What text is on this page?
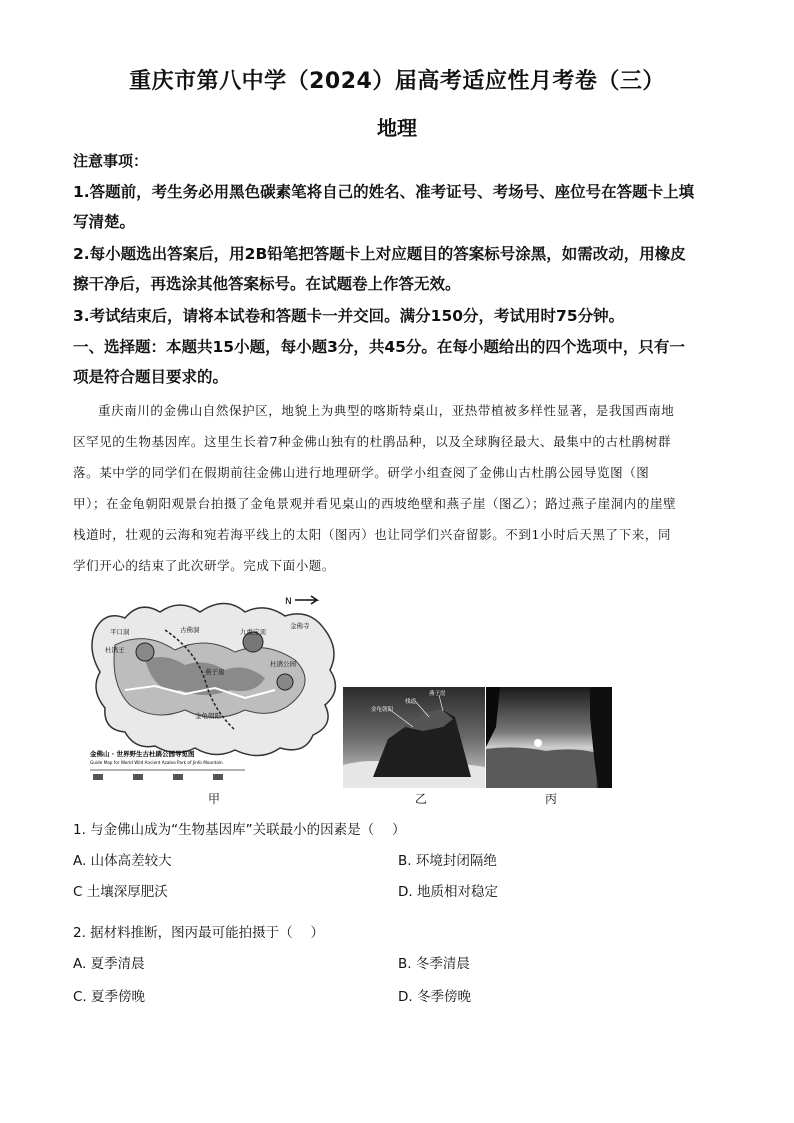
重庆市第八中学（2024）届高考适应性月考卷（三）
地理
注意事项：
1.答题前，考生务必用黑色碳素笔将自己的姓名、准考证号、考场号、座位号在答题卡上填
写清楚。
2.每小题选出答案后，用2B铅笔把答题卡上对应题目的答案标号涂黑，如需改动，用橡皮
擦干净后，再选涂其他答案标号。在试题卷上作答无效。
3.考试结束后，请将本试卷和答题卡一并交回。满分150分，考试用时75分钟。
一、选择题：本题共15小题，每小题3分，共45分。在每小题给出的四个选项中，只有一
项是符合题目要求的。
重庆南川的金佛山自然保护区，地貌上为典型的喀斯特桌山，亚热带植被多样性显著，是我国西南地
区罕见的生物基因库。这里生长着7种金佛山独有的杜鹃品种，以及全球胸径最大、最集中的古杜鹃树群
落。某中学的同学们在假期前往金佛山进行地理研学。研学小组查阅了金佛山古杜鹃公园导览图（图
甲）；在金龟朝阳观景台拍摄了金龟景观并看见桌山的西坡绝壁和燕子崖（图乙）；路过燕子崖洞内的崖壁
栈道时，壮观的云海和宛若海平线上的太阳（图丙）也让同学们兴奋留影。不到1小时后天黑了下来，同
学们开心的结束了此次研学。完成下面小题。
N
金佛寺
杜鹃王
平口洞	古佛洞
金龟朝阳
燕子崖
九重宝顶
杜鹃公园
金佛山 · 世界野生古杜鹃公园导览图
Guide Map for World Wild Ancient Azalea Park of Jinfo Mountain
金龟朝阳
栈道
燕子崖
甲	乙	丙
1. 与金佛山成为“生物基因库”关联最小的因素是（　 ）
A. 山体高差较大	B. 环境封闭隔绝
C 土壤深厚肥沃	D. 地质相对稳定
2. 据材料推断，图丙最可能拍摄于（　 ）
A. 夏季清晨	B. 冬季清晨
C. 夏季傍晚	D. 冬季傍晚
